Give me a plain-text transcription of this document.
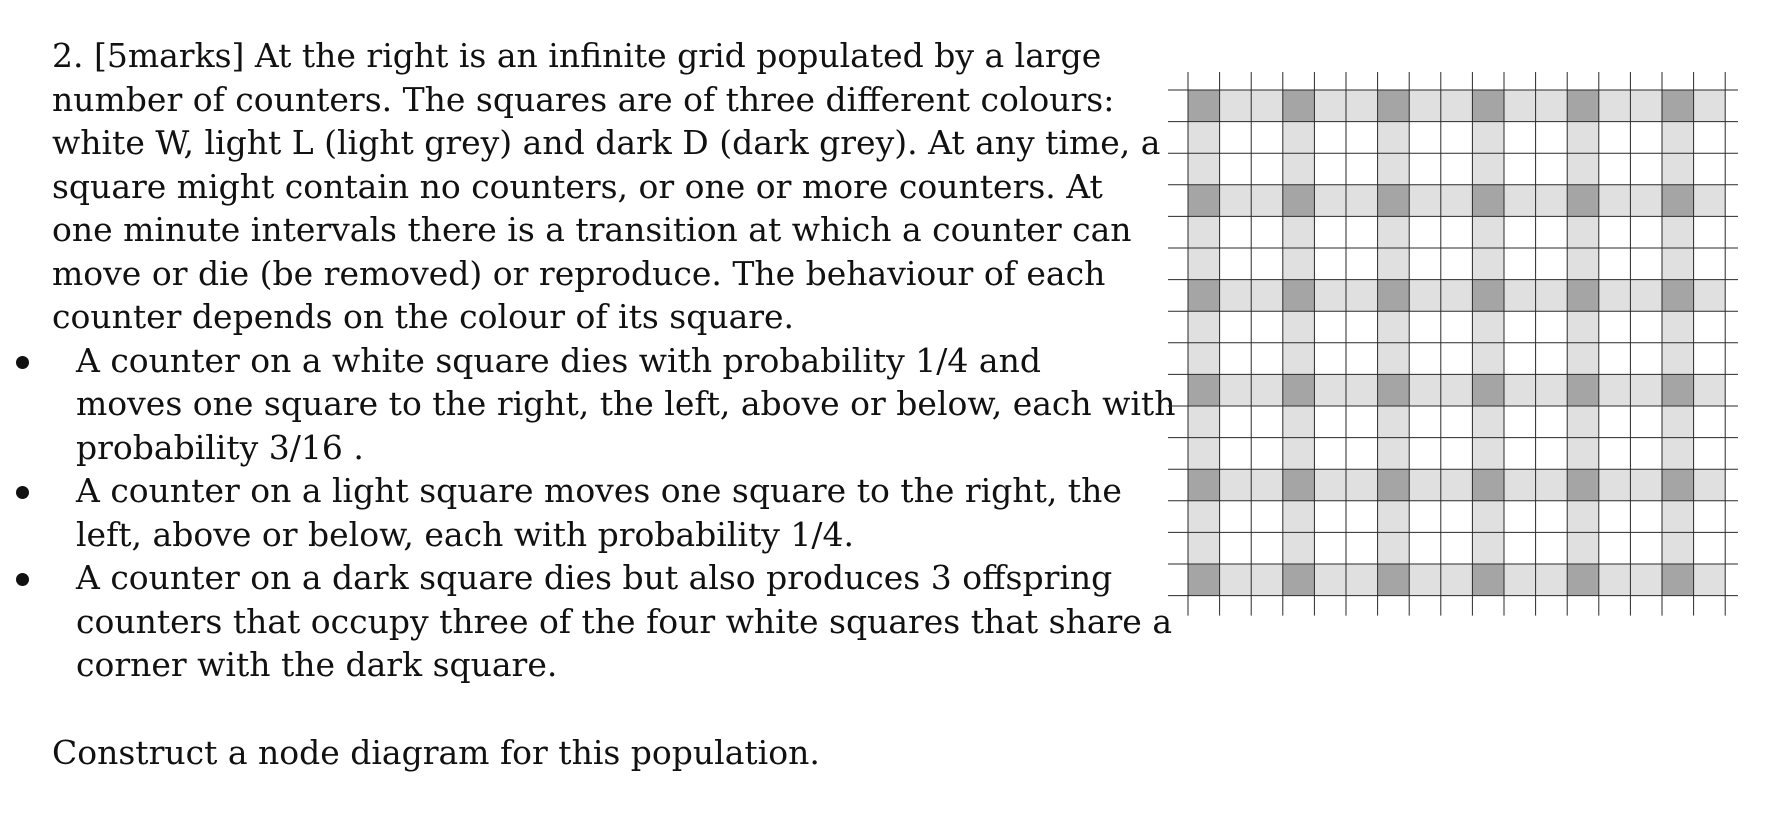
2. [5marks] At the right is an infinite grid populated by a large
number of counters. The squares are of three different colours:
white W, light L (light grey) and dark D (dark grey). At any time, a
square might contain no counters, or one or more counters. At
one minute intervals there is a transition at which a counter can
move or die (be removed) or reproduce. The behaviour of each
counter depends on the colour of its square.
A counter on a white square dies with probability 1/4 and
moves one square to the right, the left, above or below, each with
probability 3/16 .
A counter on a light square moves one square to the right, the
left, above or below, each with probability 1/4.
A counter on a dark square dies but also produces 3 offspring
counters that occupy three of the four white squares that share a
corner with the dark square.
Construct a node diagram for this population.
